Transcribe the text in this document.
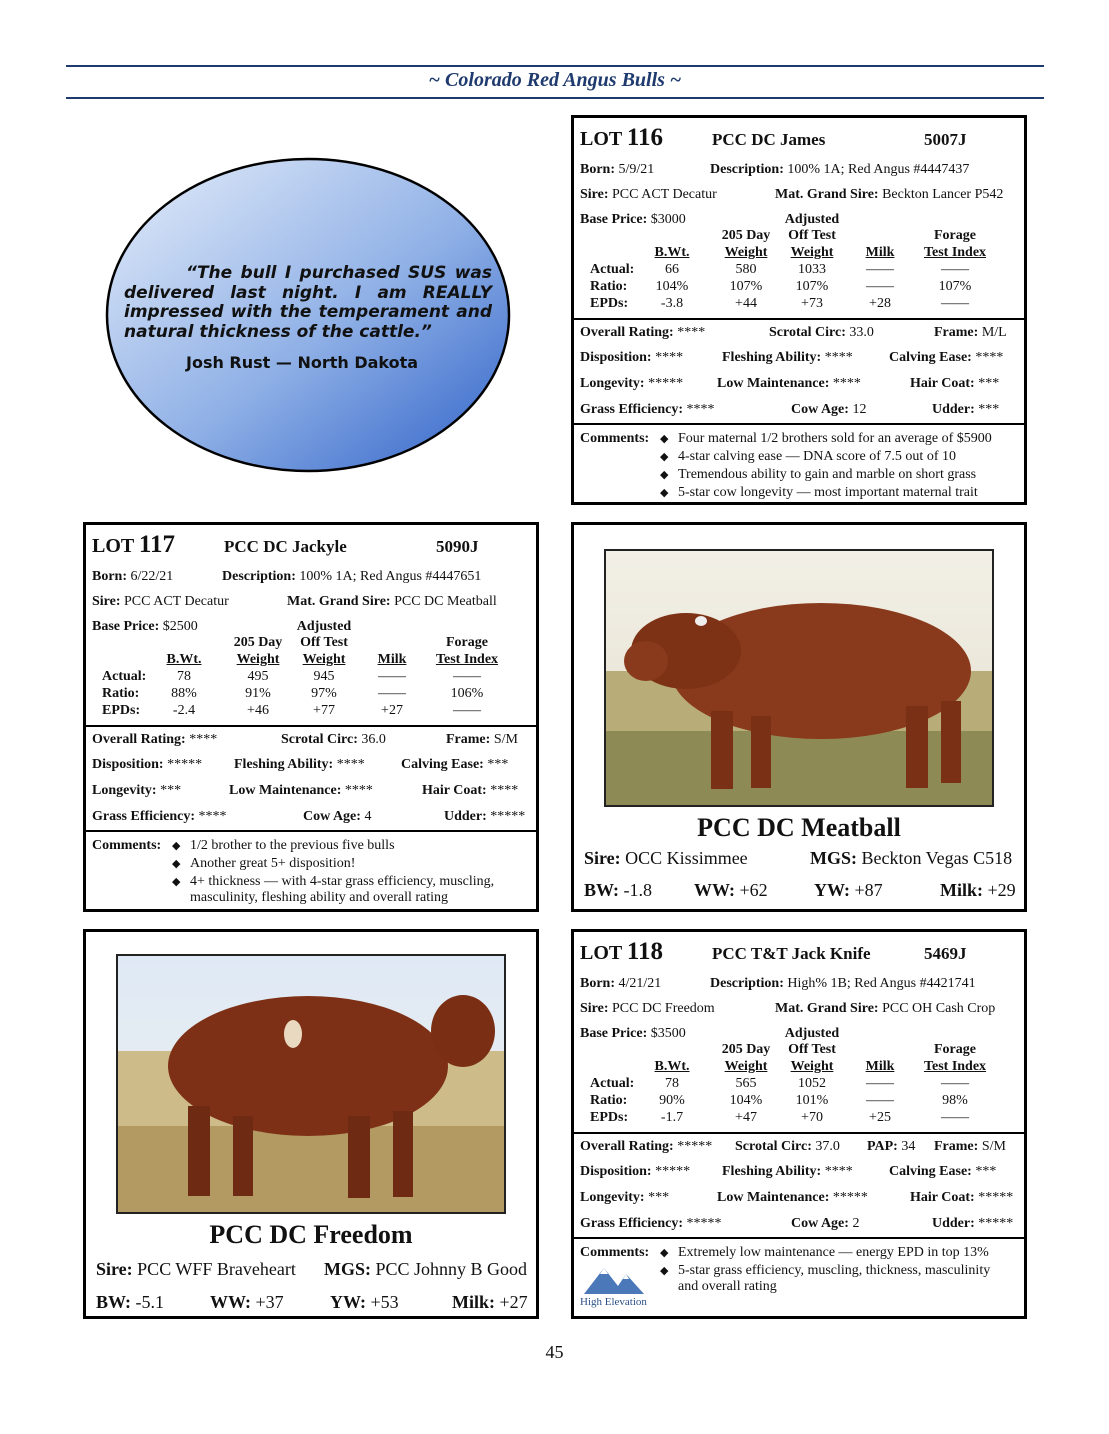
~ Colorado Red Angus Bulls ~
“The bull I purchased SUS was delivered last night. I am REALLY impressed with the temperament and natural thickness of the cattle.”
Josh Rust — North Dakota
LOT 116	PCC DC James	5007J
Born: 5/9/21	Description: 100% 1A; Red Angus #4447437
Sire: PCC ACT Decatur	Mat. Grand Sire: Beckton Lancer P542
Base Price: $3000	Adjusted
205 Day	Off Test	Forage
B.Wt.	Weight	Weight	Milk	Test Index
Actual:	66	580	1033	——	——
Ratio:	104%	107%	107%	——	107%
EPDs:	-3.8	+44	+73	+28	——
Overall Rating: ****	Scrotal Circ: 33.0	Frame: M/L
Disposition: ****	Fleshing Ability: ****	Calving Ease: ****
Longevity: ***** Low Maintenance: ****	Hair Coat: ***
Grass Efficiency: ****	Cow Age: 12	Udder: ***
Comments: ◆ Four maternal 1/2 brothers sold for an average of $5900
◆ 4-star calving ease — DNA score of 7.5 out of 10
◆ Tremendous ability to gain and marble on short grass
◆ 5-star cow longevity — most important maternal trait
LOT 117	PCC DC Jackyle	5090J
Born: 6/22/21	Description: 100% 1A; Red Angus #4447651
Sire: PCC ACT Decatur	Mat. Grand Sire: PCC DC Meatball
Base Price: $2500	Adjusted
205 Day	Off Test	Forage
B.Wt.	Weight	Weight	Milk	Test Index
Actual:	78	495	945	——	——
Ratio:	88%	91%	97%	——	106%
EPDs:	-2.4	+46	+77	+27	——
Overall Rating: ****	Scrotal Circ: 36.0	Frame: S/M
Disposition: ***** Fleshing Ability: ****	Calving Ease: ***
Longevity: ***	Low Maintenance: ****	Hair Coat: ****
Grass Efficiency: ****	Cow Age: 4	Udder: *****
Comments: ◆ 1/2 brother to the previous five bulls
◆ Another great 5+ disposition!
◆ 4+ thickness — with 4-star grass efficiency, muscling,
masculinity, fleshing ability and overall rating
PCC DC Meatball
Sire: OCC Kissimmee	MGS: Beckton Vegas C518
BW: -1.8 WW: +62	YW: +87	Milk: +29
PCC DC Freedom
Sire: PCC WFF Braveheart MGS: PCC Johnny B Good
BW: -5.1	WW: +37	YW: +53	Milk: +27
LOT 118	PCC T&T Jack Knife	5469J
Born: 4/21/21	Description: High% 1B; Red Angus #4421741
Sire: PCC DC Freedom	Mat. Grand Sire: PCC OH Cash Crop
Base Price: $3500	Adjusted
205 Day	Off Test	Forage
B.Wt.	Weight	Weight	Milk	Test Index
Actual:	78	565	1052	——	——
Ratio:	90%	104%	101%	——	98%
EPDs:	-1.7	+47	+70	+25	——
Overall Rating: ***** Scrotal Circ: 37.0 PAP: 34 Frame: S/M
Disposition: ***** Fleshing Ability: ****	Calving Ease: ***
Longevity: ***	Low Maintenance: *****	Hair Coat: *****
Grass Efficiency: *****	Cow Age: 2	Udder: *****
Comments: ◆ Extremely low maintenance — energy EPD in top 13%
◆ 5-star grass efficiency, muscling, thickness, masculinity
and overall rating
High Elevation
45
